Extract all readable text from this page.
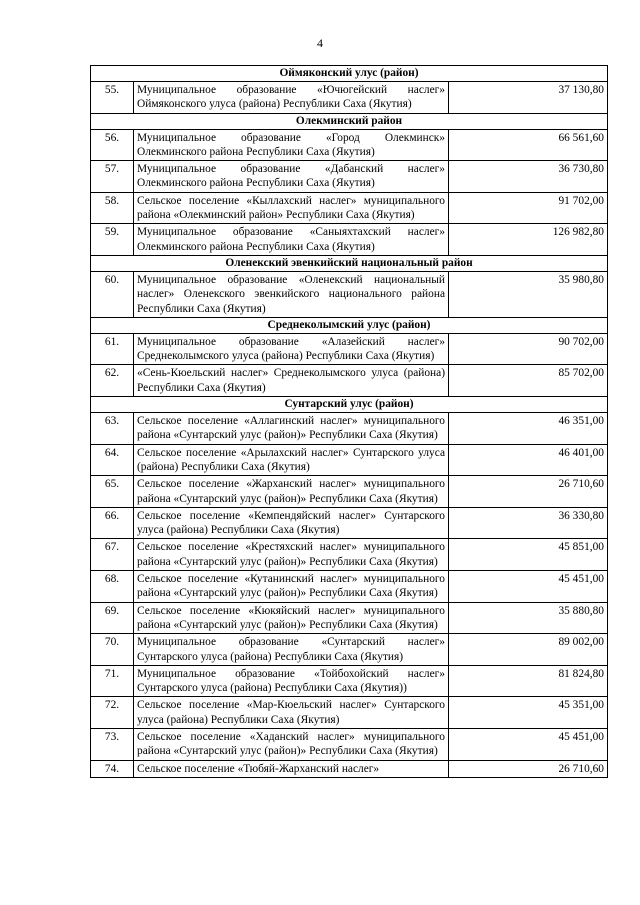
4
Оймяконский улус (район)		
55.	Муниципальное образование «Ючюгейский наслег» Оймяконского улуса (района) Республики Саха (Якутия)	37 130,80
Олекминский район		
56.	Муниципальное образование «Город Олекминск» Олекминского района Республики Саха (Якутия)	66 561,60
57.	Муниципальное образование «Дабанский наслег» Олекминского района Республики Саха (Якутия)	36 730,80
58.	Сельское поселение «Кыллахский наслег» муниципального района «Олекминский район» Республики Саха (Якутия)	91 702,00
59.	Муниципальное образование «Саныяхтахский наслег» Олекминского района Республики Саха (Якутия)	126 982,80
Оленекский эвенкийский национальный район		
60.	Муниципальное образование «Оленекский национальный наслег» Оленекского эвенкийского национального района Республики Саха (Якутия)	35 980,80
Среднеколымский улус (район)		
61.	Муниципальное образование «Алазейский наслег» Среднеколымского улуса (района) Республики Саха (Якутия)	90 702,00
62.	«Сень-Кюельский наслег» Среднеколымского улуса (района) Республики Саха (Якутия)	85 702,00
Сунтарский улус (район)		
63.	Сельское поселение «Аллагинский наслег» муниципального района «Сунтарский улус (район)» Республики Саха (Якутия)	46 351,00
64.	Сельское поселение «Арылахский наслег» Сунтарского улуса (района) Республики Саха (Якутия)	46 401,00
65.	Сельское поселение «Жарханский наслег» муниципального района «Сунтарский улус (район)» Республики Саха (Якутия)	26 710,60
66.	Сельское поселение «Кемпендяйский наслег» Сунтарского улуса (района) Республики Саха (Якутия)	36 330,80
67.	Сельское поселение «Крестяхский наслег» муниципального района «Сунтарский улус (район)» Республики Саха (Якутия)	45 851,00
68.	Сельское поселение «Кутанинский наслег» муниципального района «Сунтарский улус (район)» Республики Саха (Якутия)	45 451,00
69.	Сельское поселение «Кюкяйский наслег» муниципального района «Сунтарский улус (район)» Республики Саха (Якутия)	35 880,80
70.	Муниципальное образование «Сунтарский наслег» Сунтарского улуса (района) Республики Саха (Якутия)	89 002,00
71.	Муниципальное образование «Тойбохойский наслег» Сунтарского улуса (района) Республики Саха (Якутия))	81 824,80
72.	Сельское поселение «Мар-Кюельский наслег» Сунтарского улуса (района) Республики Саха (Якутия)	45 351,00
73.	Сельское поселение «Хаданский наслег» муниципального района «Сунтарский улус (район)» Республики Саха (Якутия)	45 451,00
74.	Сельское поселение «Тюбяй-Жарханский наслег»	26 710,60
